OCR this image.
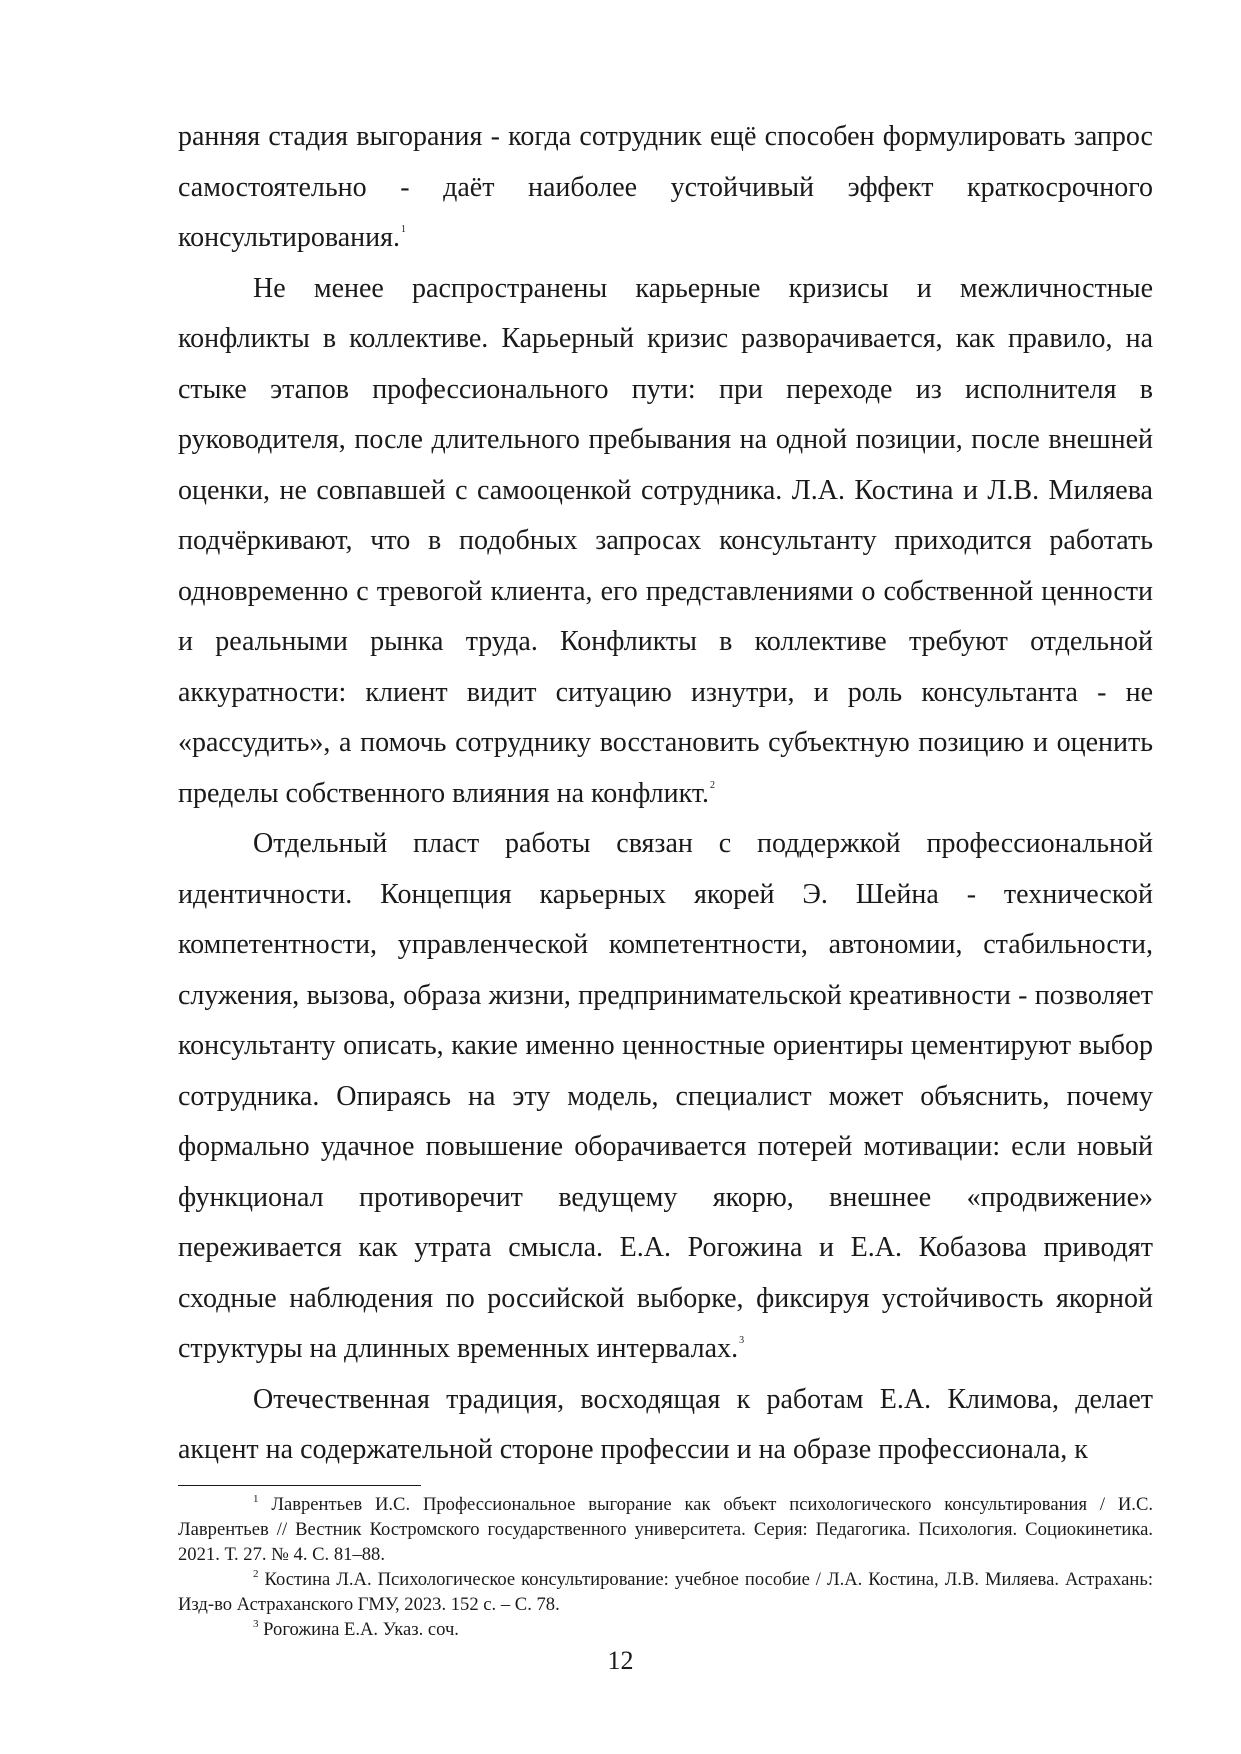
ранняя стадия выгорания - когда сотрудник ещё способен формулировать запрос самостоятельно - даёт наиболее устойчивый эффект краткосрочного консультирования.$^1$

Не менее распространены карьерные кризисы и межличностные конфликты в коллективе. Карьерный кризис разворачивается, как правило, на стыке этапов профессионального пути: при переходе из исполнителя в руководителя, после длительного пребывания на одной позиции, после внешней оценки, не совпавшей с самооценкой сотрудника. Л.А. Костина и Л.В. Миляева подчёркивают, что в подобных запросах консультанту приходится работать одновременно с тревогой клиента, его представлениями о собственной ценности и реальными рынка труда. Конфликты в коллективе требуют отдельной аккуратности: клиент видит ситуацию изнутри, и роль консультанта - не «рассудить», а помочь сотруднику восстановить субъектную позицию и оценить пределы собственного влияния на конфликт.$^2$

Отдельный пласт работы связан с поддержкой профессиональной идентичности. Концепция карьерных якорей Э. Шейна - технической компетентности, управленческой компетентности, автономии, стабильности, служения, вызова, образа жизни, предпринимательской креативности - позволяет консультанту описать, какие именно ценностные ориентиры цементируют выбор сотрудника. Опираясь на эту модель, специалист может объяснить, почему формально удачное повышение оборачивается потерей мотивации: если новый функционал противоречит ведущему якорю, внешнее «продвижение» переживается как утрата смысла. Е.А. Рогожина и Е.А. Кобазова приводят сходные наблюдения по российской выборке, фиксируя устойчивость якорной структуры на длинных временных интервалах.$^3$

Отечественная традиция, восходящая к работам Е.А. Климова, делает акцент на содержательной стороне профессии и на образе профессионала, к

$^1$ Лаврентьев И.С. Профессиональное выгорание как объект психологического консультирования / И.С. Лаврентьев // Вестник Костромского государственного университета. Серия: Педагогика. Психология. Социокинетика. 2021. Т. 27. № 4. С. 81–88.

$^2$ Костина Л.А. Психологическое консультирование: учебное пособие / Л.А. Костина, Л.В. Миляева. Астрахань: Изд-во Астраханского ГМУ, 2023. 152 с. – С. 78.

$^3$ Рогожина Е.А. Указ. соч.

12
